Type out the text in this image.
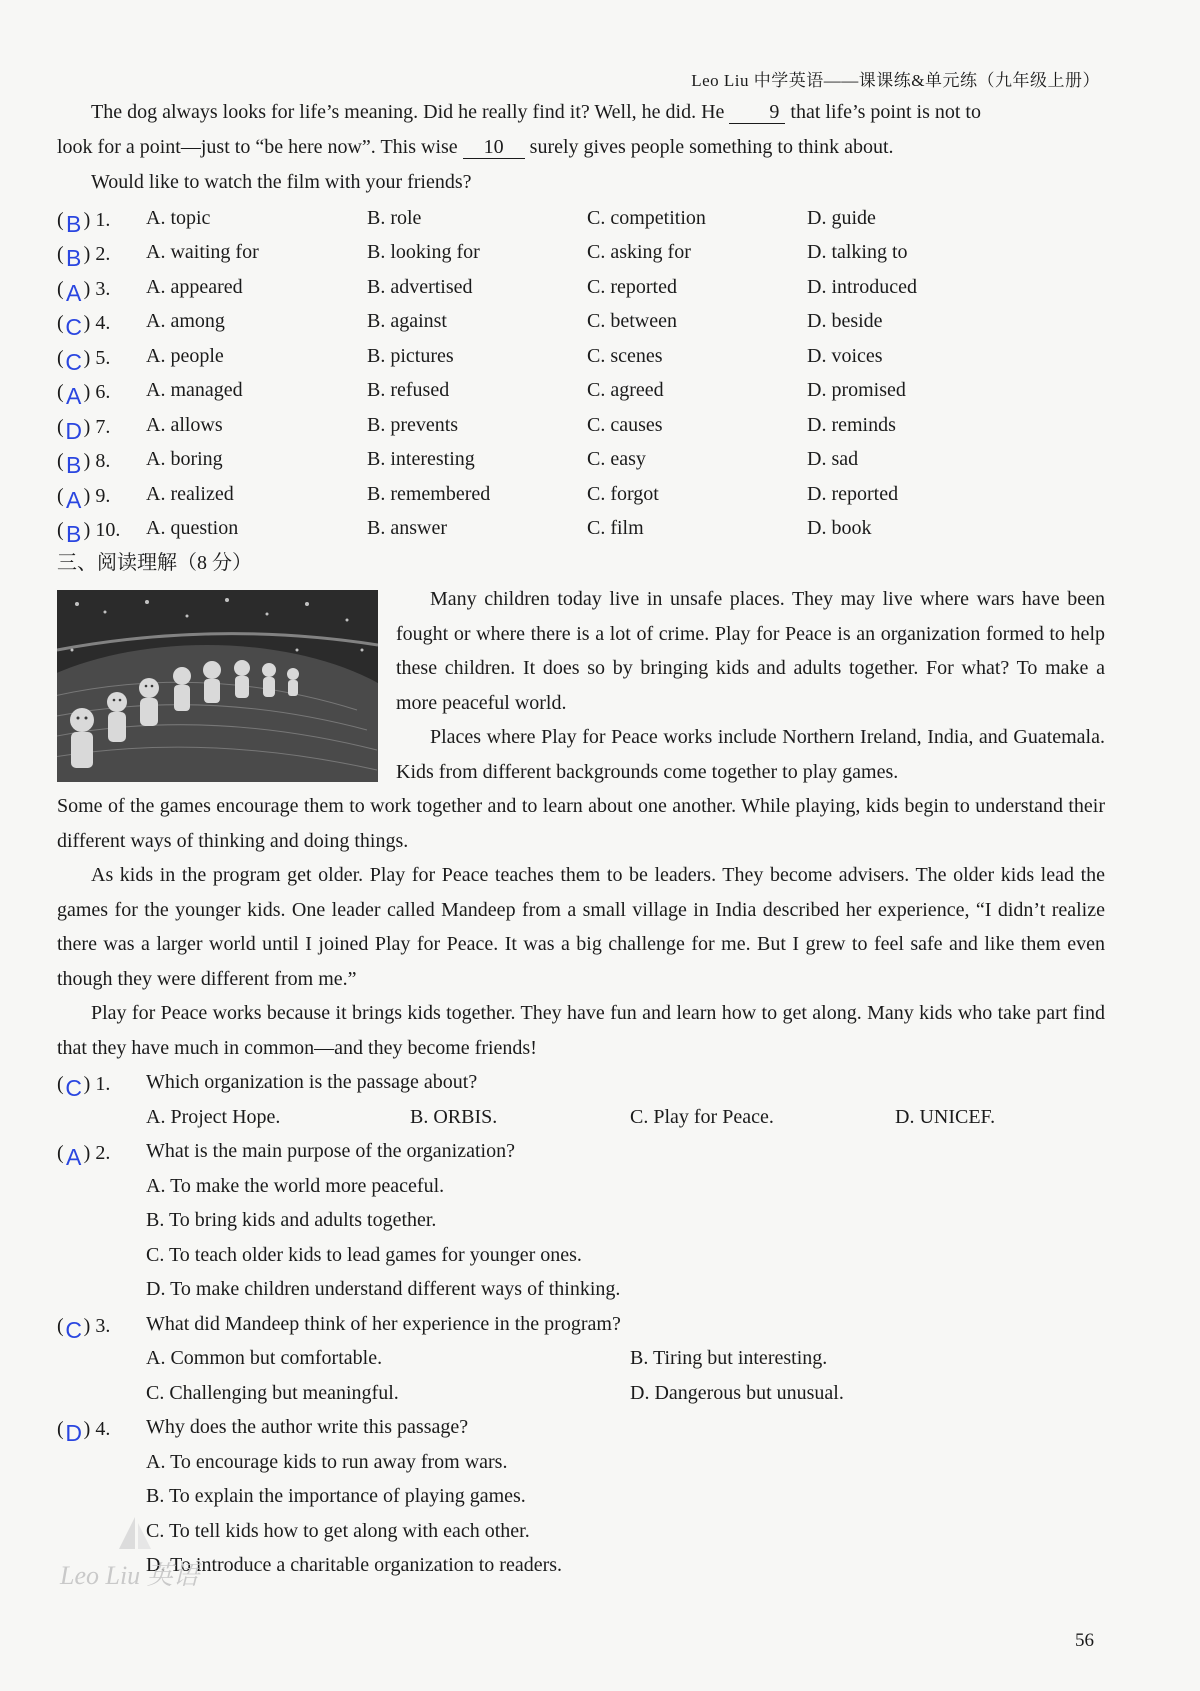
Leo Liu 中学英语——课课练&单元练（九年级上册）
The dog always looks for life’s meaning. Did he really find it? Well, he did. He 9 that life’s point is not to
look for a point—just to “be here now”. This wise 10 surely gives people something to think about.
Would like to watch the film with your friends?
( B ) 1. A. topic	B. role	C. competition	D. guide
( B ) 2. A. waiting for	B. looking for	C. asking for	D. talking to
( A ) 3. A. appeared	B. advertised	C. reported	D. introduced
(C) 4. A. among	B. against	C. between	D. beside
(C) 5. A. people	B. pictures	C. scenes	D. voices
( A ) 6. A. managed	B. refused	C. agreed	D. promised
(D) 7. A. allows	B. prevents	C. causes	D. reminds
( B ) 8. A. boring	B. interesting	C. easy	D. sad
( A ) 9. A. realized	B. remembered	C. forgot	D. reported
( B ) 10. A. question	B. answer	C. film	D. book
三、阅读理解（8 分）
Many children today live in unsafe places. They may live where wars have been fought or where there is a lot of crime. Play for Peace is an organization formed to help these children. It does so by bringing kids and adults together. For what? To make a more peaceful world.
Places where Play for Peace works include Northern Ireland, India, and Guatemala. Kids from different backgrounds come together to play games.
Some of the games encourage them to work together and to learn about one another. While playing, kids begin to understand their different ways of thinking and doing things.
As kids in the program get older. Play for Peace teaches them to be leaders. They become advisers. The older kids lead the games for the younger kids. One leader called Mandeep from a small village in India described her experience, “I didn’t realize there was a larger world until I joined Play for Peace. It was a big challenge for me. But I grew to feel safe and like them even though they were different from me.”
Play for Peace works because it brings kids together. They have fun and learn how to get along. Many kids who take part find that they have much in common—and they become friends!
(C) 1. Which organization is the passage about?
A. Project Hope.	B. ORBIS.	C. Play for Peace.	D. UNICEF.
( A ) 2. What is the main purpose of the organization?
A. To make the world more peaceful.
B. To bring kids and adults together.
C. To teach older kids to lead games for younger ones.
D. To make children understand different ways of thinking.
(C) 3. What did Mandeep think of her experience in the program?
A. Common but comfortable.	B. Tiring but interesting.
C. Challenging but meaningful.	D. Dangerous but unusual.
(D) 4. Why does the author write this passage?
A. To encourage kids to run away from wars.
B. To explain the importance of playing games.
C. To tell kids how to get along with each other.
D. To introduce a charitable organization to readers.
Leo Liu 英语
56
